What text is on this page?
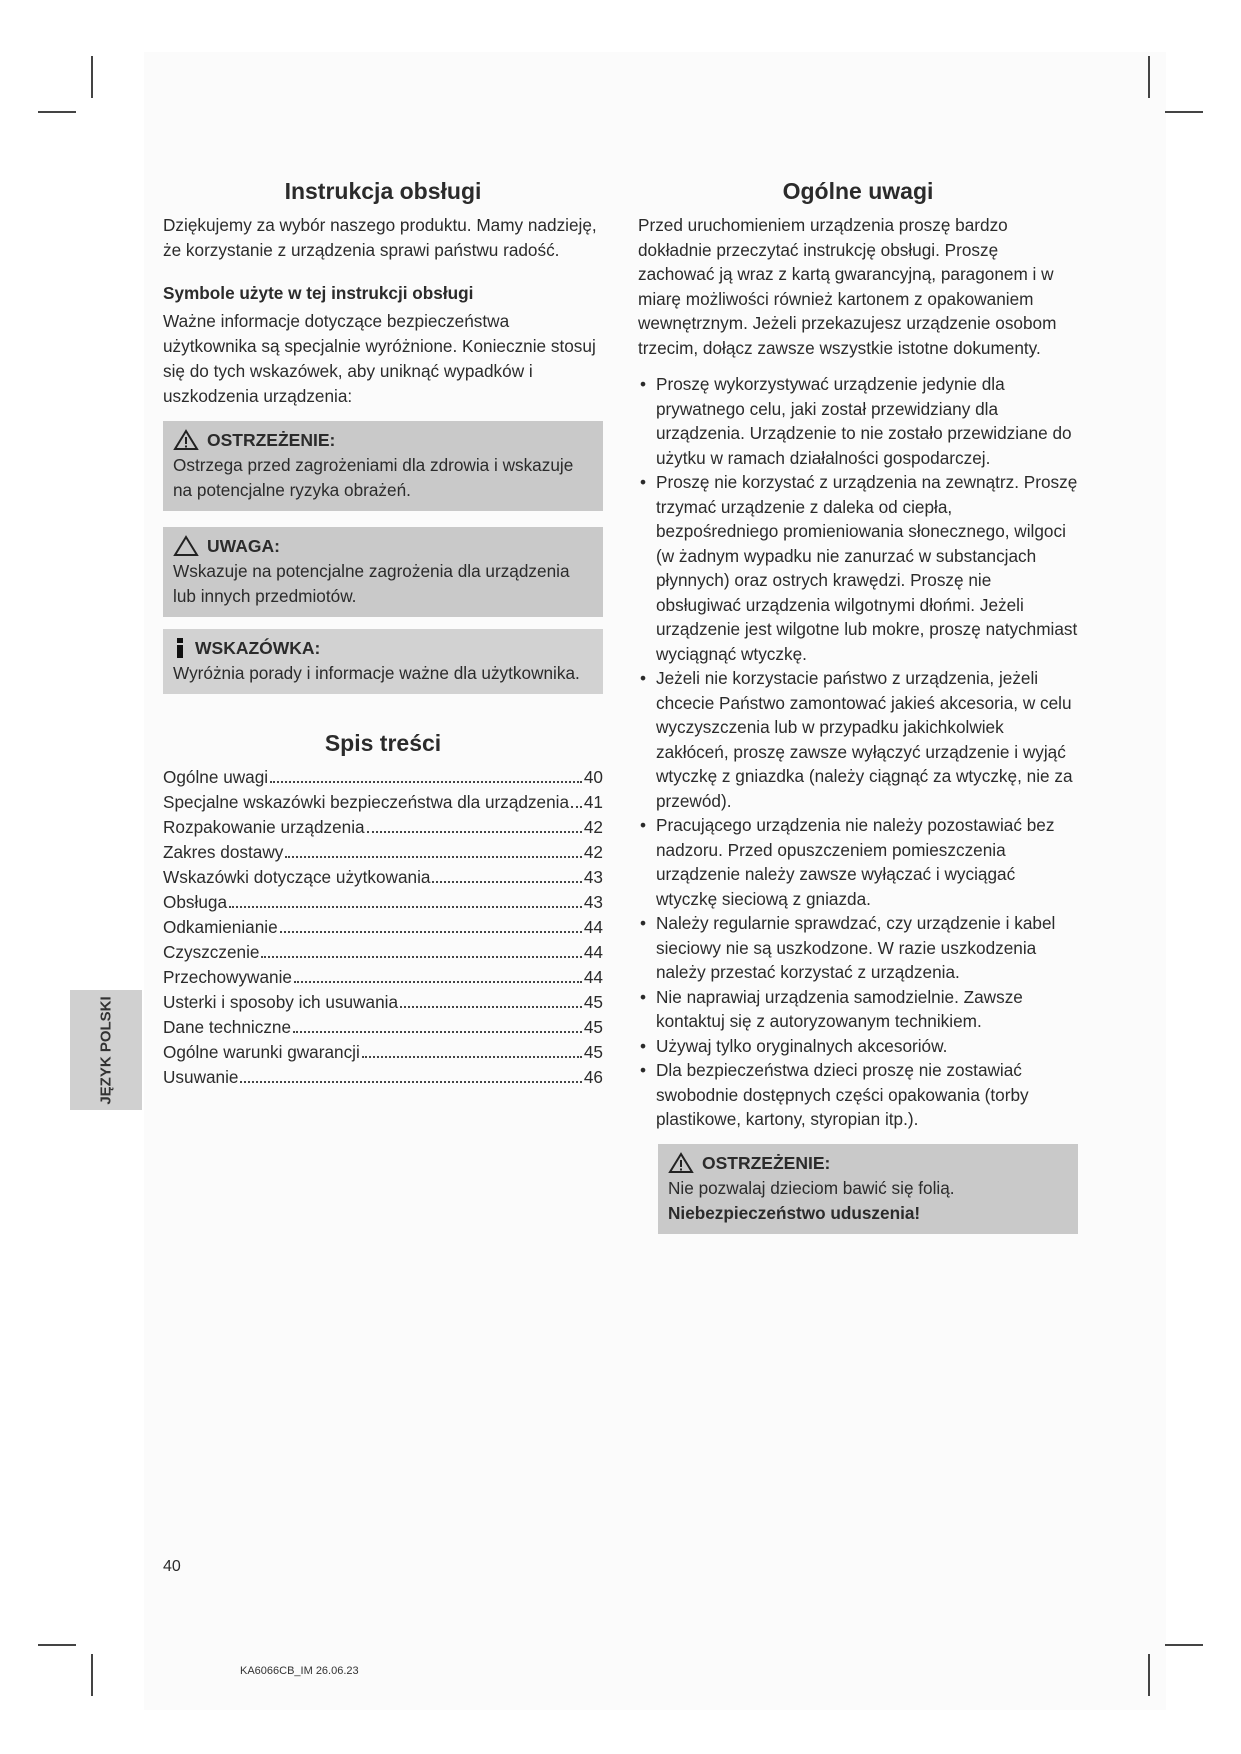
Instrukcja obsługi

Dziękujemy za wybór naszego produktu. Mamy nadzieję, że korzystanie z urządzenia sprawi państwu radość.

Symbole użyte w tej instrukcji obsługi

Ważne informacje dotyczące bezpieczeństwa użytkownika są specjalnie wyróżnione. Koniecznie stosuj się do tych wskazówek, aby uniknąć wypadków i uszkodzenia urządzenia:

OSTRZEŻENIE:
Ostrzega przed zagrożeniami dla zdrowia i wskazuje na potencjalne ryzyka obrażeń.
UWAGA:
Wskazuje na potencjalne zagrożenia dla urządzenia lub innych przedmiotów.
WSKAZÓWKA:
Wyróżnia porady i informacje ważne dla użytkownika.
Spis treści
Ogólne uwagi	40
Specjalne wskazówki bezpieczeństwa dla urządzenia 41
Rozpakowanie urządzenia	42
Zakres dostawy	42
Wskazówki dotyczące użytkowania	43
Obsługa	43
Odkamienianie	44
Czyszczenie	44
Przechowywanie	44
Usterki i sposoby ich usuwania	45
Dane techniczne	45
Ogólne warunki gwarancji	45
Usuwanie	46
Ogólne uwagi

Przed uruchomieniem urządzenia proszę bardzo dokładnie przeczytać instrukcję obsługi. Proszę zachować ją wraz z kartą gwarancyjną, paragonem i w miarę możliwości również kartonem z opakowaniem wewnętrznym. Jeżeli przekazujesz urządzenie osobom trzecim, dołącz zawsze wszystkie istotne dokumenty.

• Proszę wykorzystywać urządzenie jedynie dla prywatnego celu, jaki został przewidziany dla urządzenia. Urządzenie to nie zostało przewidziane do użytku w ramach działalności gospodarczej.
• Proszę nie korzystać z urządzenia na zewnątrz. Proszę trzymać urządzenie z daleka od ciepła, bezpośredniego promieniowania słonecznego, wilgoci (w żadnym wypadku nie zanurzać w substancjach płynnych) oraz ostrych krawędzi. Proszę nie obsługiwać urządzenia wilgotnymi dłońmi. Jeżeli urządzenie jest wilgotne lub mokre, proszę natychmiast wyciągnąć wtyczkę.
• Jeżeli nie korzystacie państwo z urządzenia, jeżeli chcecie Państwo zamontować jakieś akcesoria, w celu wyczyszczenia lub w przypadku jakichkolwiek zakłóceń, proszę zawsze wyłączyć urządzenie i wyjąć wtyczkę z gniazdka (należy ciągnąć za wtyczkę, nie za przewód).
• Pracującego urządzenia nie należy pozostawiać bez nadzoru. Przed opuszczeniem pomieszczenia urządzenie należy zawsze wyłączać i wyciągać wtyczkę sieciową z gniazda.
• Należy regularnie sprawdzać, czy urządzenie i kabel sieciowy nie są uszkodzone. W razie uszkodzenia należy przestać korzystać z urządzenia.
• Nie naprawiaj urządzenia samodzielnie. Zawsze kontaktuj się z autoryzowanym technikiem.
• Używaj tylko oryginalnych akcesoriów.
• Dla bezpieczeństwa dzieci proszę nie zostawiać swobodnie dostępnych części opakowania (torby plastikowe, kartony, styropian itp.).
OSTRZEŻENIE:
Nie pozwalaj dzieciom bawić się folią. Niebezpieczeństwo uduszenia!
JĘZYK POLSKI
40
KA6066CB_IM 26.06.23
